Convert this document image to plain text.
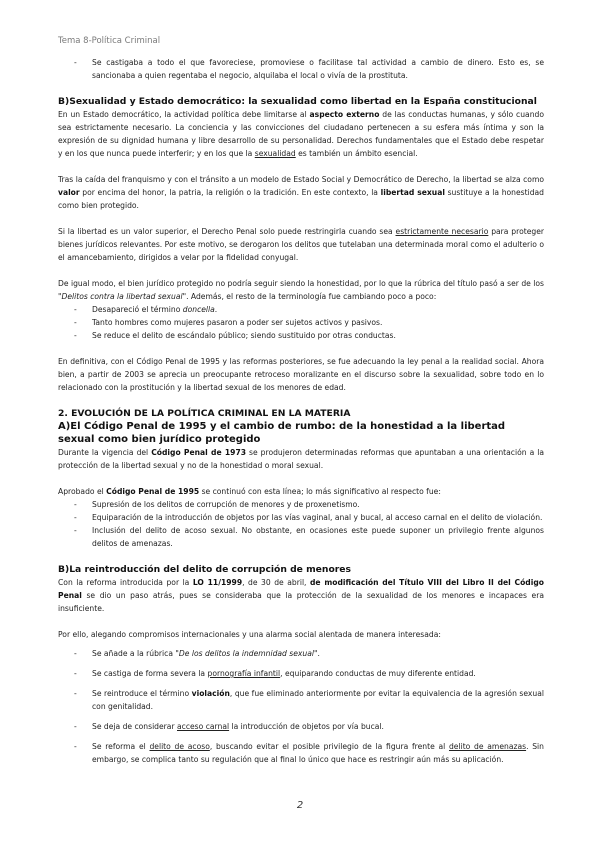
Tema 8-Política Criminal
- Se castigaba a todo el que favoreciese, promoviese o facilitase tal actividad a cambio de dinero. Esto es, se sancionaba a quien regentaba el negocio, alquilaba el local o vivía de la prostituta.
B)Sexualidad y Estado democrático: la sexualidad como libertad en la España constitucional

En un Estado democrático, la actividad política debe limitarse al aspecto externo de las conductas humanas, y sólo cuando sea estrictamente necesario. La conciencia y las convicciones del ciudadano pertenecen a su esfera más íntima y son la expresión de su dignidad humana y libre desarrollo de su personalidad. Derechos fundamentales que el Estado debe respetar y en los que nunca puede interferir; y en los que la sexualidad es también un ámbito esencial.

Tras la caída del franquismo y con el tránsito a un modelo de Estado Social y Democrático de Derecho, la libertad se alza como valor por encima del honor, la patria, la religión o la tradición. En este contexto, la libertad sexual sustituye a la honestidad como bien protegido.

Si la libertad es un valor superior, el Derecho Penal solo puede restringirla cuando sea estrictamente necesario para proteger bienes jurídicos relevantes. Por este motivo, se derogaron los delitos que tutelaban una determinada moral como el adulterio o el amancebamiento, dirigidos a velar por la fidelidad conyugal.

De igual modo, el bien jurídico protegido no podría seguir siendo la honestidad, por lo que la rúbrica del título pasó a ser de los "Delitos contra la libertad sexual". Además, el resto de la terminología fue cambiando poco a poco:

- Desapareció el término doncella.
- Tanto hombres como mujeres pasaron a poder ser sujetos activos y pasivos.
- Se reduce el delito de escándalo público; siendo sustituido por otras conductas.

En definitiva, con el Código Penal de 1995 y las reformas posteriores, se fue adecuando la ley penal a la realidad social. Ahora bien, a partir de 2003 se aprecia un preocupante retroceso moralizante en el discurso sobre la sexualidad, sobre todo en lo relacionado con la prostitución y la libertad sexual de los menores de edad.

2. EVOLUCIÓN DE LA POLÍTICA CRIMINAL EN LA MATERIA
A)El Código Penal de 1995 y el cambio de rumbo: de la honestidad a la libertad sexual como bien jurídico protegido

Durante la vigencia del Código Penal de 1973 se produjeron determinadas reformas que apuntaban a una orientación a la protección de la libertad sexual y no de la honestidad o moral sexual.

Aprobado el Código Penal de 1995 se continuó con esta línea; lo más significativo al respecto fue:

- Supresión de los delitos de corrupción de menores y de proxenetismo.
- Equiparación de la introducción de objetos por las vías vaginal, anal y bucal, al acceso carnal en el delito de violación.
- Inclusión del delito de acoso sexual. No obstante, en ocasiones este puede suponer un privilegio frente algunos delitos de amenazas.
B)La reintroducción del delito de corrupción de menores

Con la reforma introducida por la LO 11/1999, de 30 de abril, de modificación del Título VIII del Libro II del Código Penal se dio un paso atrás, pues se consideraba que la protección de la sexualidad de los menores e incapaces era insuficiente.

Por ello, alegando compromisos internacionales y una alarma social alentada de manera interesada:

- Se añade a la rúbrica "De los delitos la indemnidad sexual".
- Se castiga de forma severa la pornografía infantil, equiparando conductas de muy diferente entidad.
- Se reintroduce el término violación, que fue eliminado anteriormente por evitar la equivalencia de la agresión sexual con genitalidad.
- Se deja de considerar acceso carnal la introducción de objetos por vía bucal.
- Se reforma el delito de acoso, buscando evitar el posible privilegio de la figura frente al delito de amenazas. Sin embargo, se complica tanto su regulación que al final lo único que hace es restringir aún más su aplicación.
2
